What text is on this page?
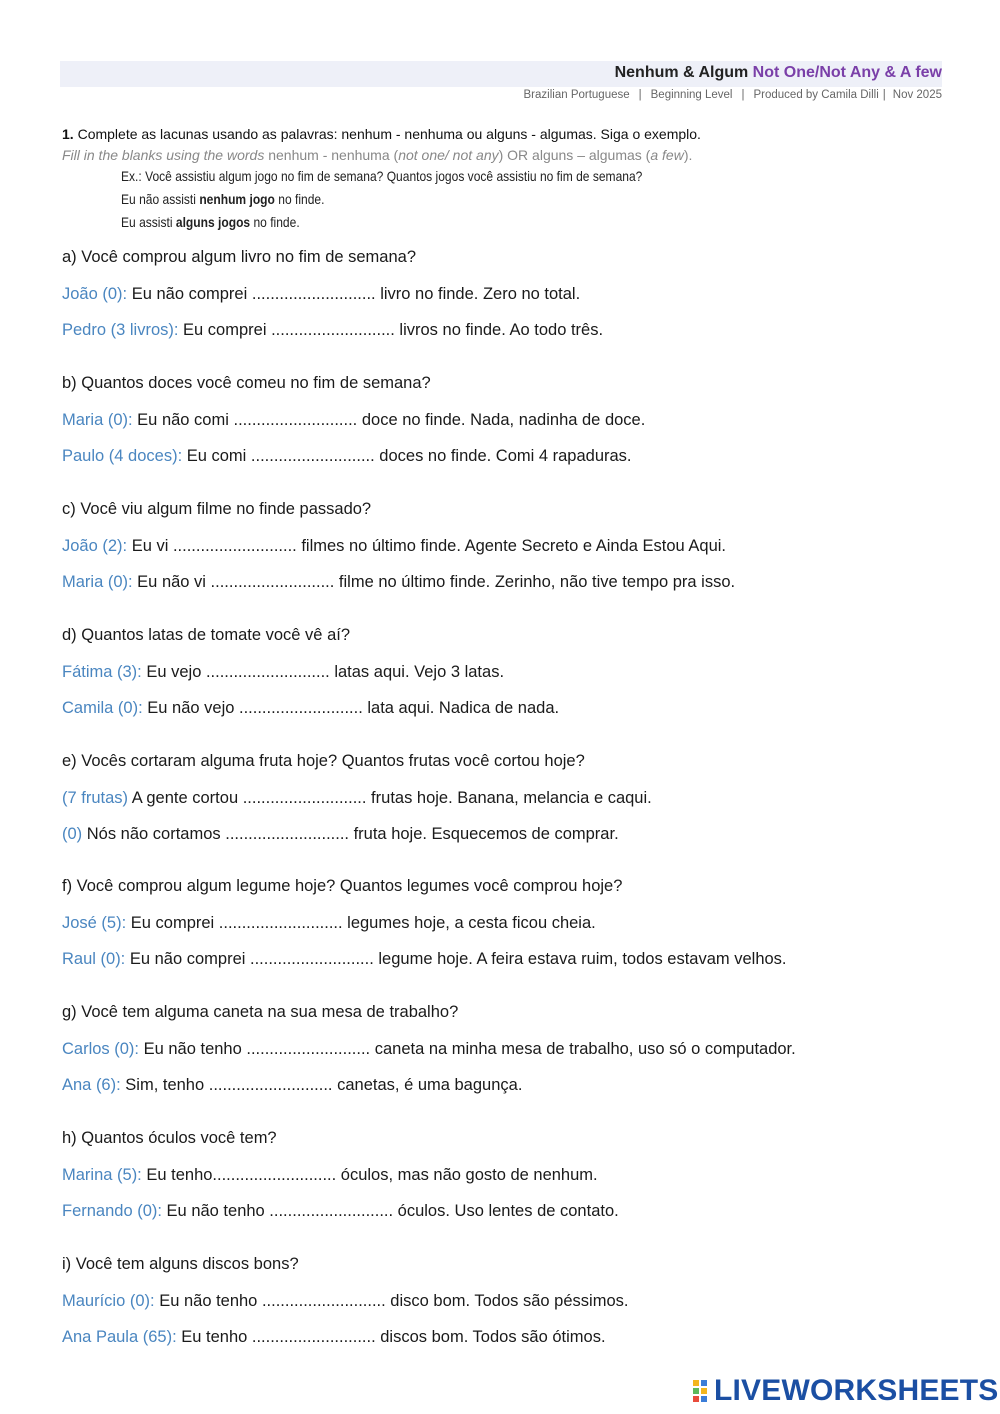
Nenhum & Algum Not One/Not Any & A few
Brazilian Portuguese | Beginning Level | Produced by Camila Dilli | Nov 2025
1. Complete as lacunas usando as palavras: nenhum - nenhuma ou alguns - algumas. Siga o exemplo.
Fill in the blanks using the words nenhum - nenhuma (not one/ not any) OR alguns – algumas (a few).
Ex.: Você assistiu algum jogo no fim de semana? Quantos jogos você assistiu no fim de semana?
Eu não assisti nenhum jogo no finde.
Eu assisti alguns jogos no finde.
a) Você comprou algum livro no fim de semana?
João (0): Eu não comprei ........................... livro no finde. Zero no total.
Pedro (3 livros): Eu comprei ........................... livros no finde. Ao todo três.
b) Quantos doces você comeu no fim de semana?
Maria (0): Eu não comi ........................... doce no finde. Nada, nadinha de doce.
Paulo (4 doces): Eu comi ........................... doces no finde. Comi 4 rapaduras.
c) Você viu algum filme no finde passado?
João (2): Eu vi ........................... filmes no último finde. Agente Secreto e Ainda Estou Aqui.
Maria (0): Eu não vi ........................... filme no último finde. Zerinho, não tive tempo pra isso.
d) Quantos latas de tomate você vê aí?
Fátima (3): Eu vejo ........................... latas aqui. Vejo 3 latas.
Camila (0): Eu não vejo ........................... lata aqui. Nadica de nada.
e) Vocês cortaram alguma fruta hoje? Quantos frutas você cortou hoje?
(7 frutas) A gente cortou ........................... frutas hoje. Banana, melancia e caqui.
(0) Nós não cortamos ........................... fruta hoje. Esquecemos de comprar.
f) Você comprou algum legume hoje? Quantos legumes você comprou hoje?
José (5): Eu comprei ........................... legumes hoje, a cesta ficou cheia.
Raul (0): Eu não comprei ........................... legume hoje. A feira estava ruim, todos estavam velhos.
g) Você tem alguma caneta na sua mesa de trabalho?
Carlos (0): Eu não tenho ........................... caneta na minha mesa de trabalho, uso só o computador.
Ana (6): Sim, tenho ........................... canetas, é uma bagunça.
h) Quantos óculos você tem?
Marina (5): Eu tenho........................... óculos, mas não gosto de nenhum.
Fernando (0): Eu não tenho ........................... óculos. Uso lentes de contato.
i) Você tem alguns discos bons?
Maurício (0): Eu não tenho ........................... disco bom. Todos são péssimos.
Ana Paula (65): Eu tenho ........................... discos bom. Todos são ótimos.
LIVEWORKSHEETS
